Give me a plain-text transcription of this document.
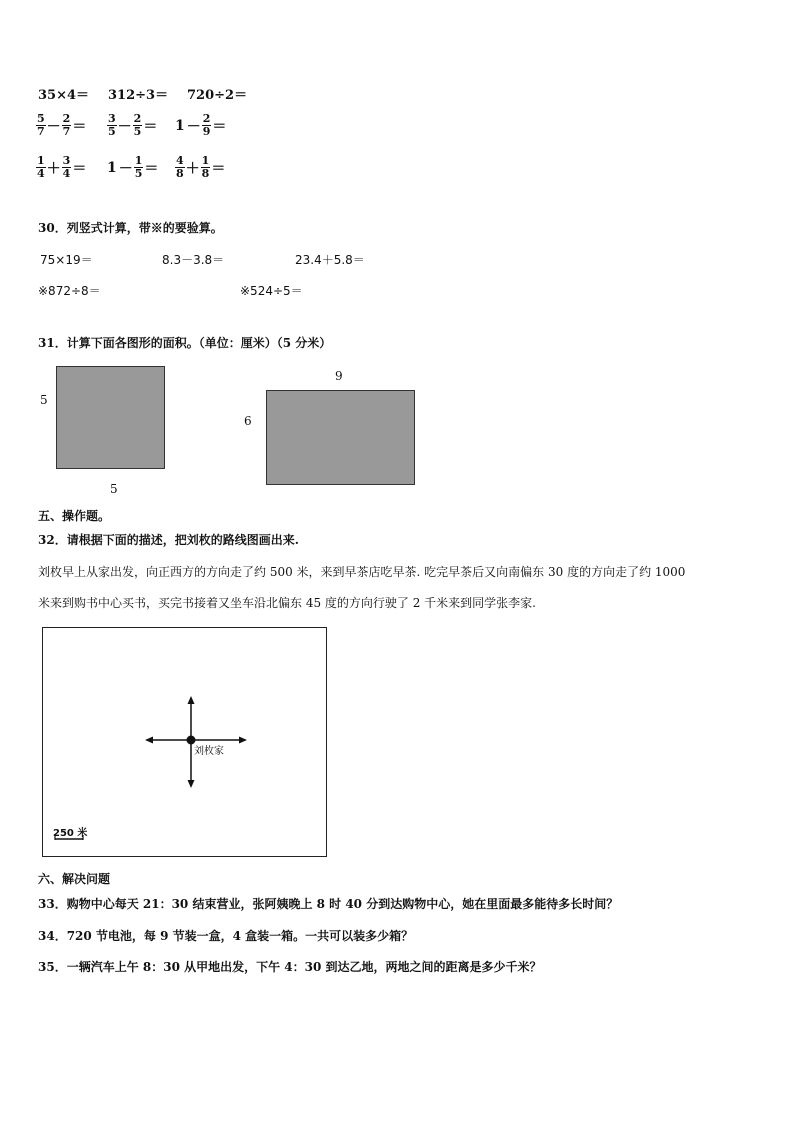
35×4＝ 312÷3＝ 720÷2＝
$\frac{5}{7} - \frac{2}{7} = \frac{3}{5} - \frac{2}{5} = 1 - \frac{2}{9}$ ＝
$\frac{1}{4} + \frac{3}{4} = 1 - \frac{1}{5} = \frac{4}{8} + \frac{1}{8}$ ＝
30．列竖式计算，带※的要验算。
75×19＝	8.3－3.8＝	23.4＋5.8＝
※872÷8＝	※524÷5＝
31．计算下面各图形的面积。（单位：厘米）（5 分米）
5
5
9
6
五、操作题。
32．请根据下面的描述，把刘枚的路线图画出来.
刘枚早上从家出发，向正西方的方向走了约 500 米，来到早茶店吃早茶. 吃完早茶后又向南偏东 30 度的方向走了约 1000
米来到购书中心买书，买完书接着又坐车沿北偏东 45 度的方向行驶了 2 千米来到同学张李家.
刘枚家
250 米
六、解决问题
33．购物中心每天 21：30 结束营业，张阿姨晚上 8 时 40 分到达购物中心，她在里面最多能待多长时间？
34．720 节电池，每 9 节装一盒，4 盒装一箱。一共可以装多少箱？
35．一辆汽车上午 8：30 从甲地出发，下午 4：30 到达乙地，两地之间的距离是多少千米？
